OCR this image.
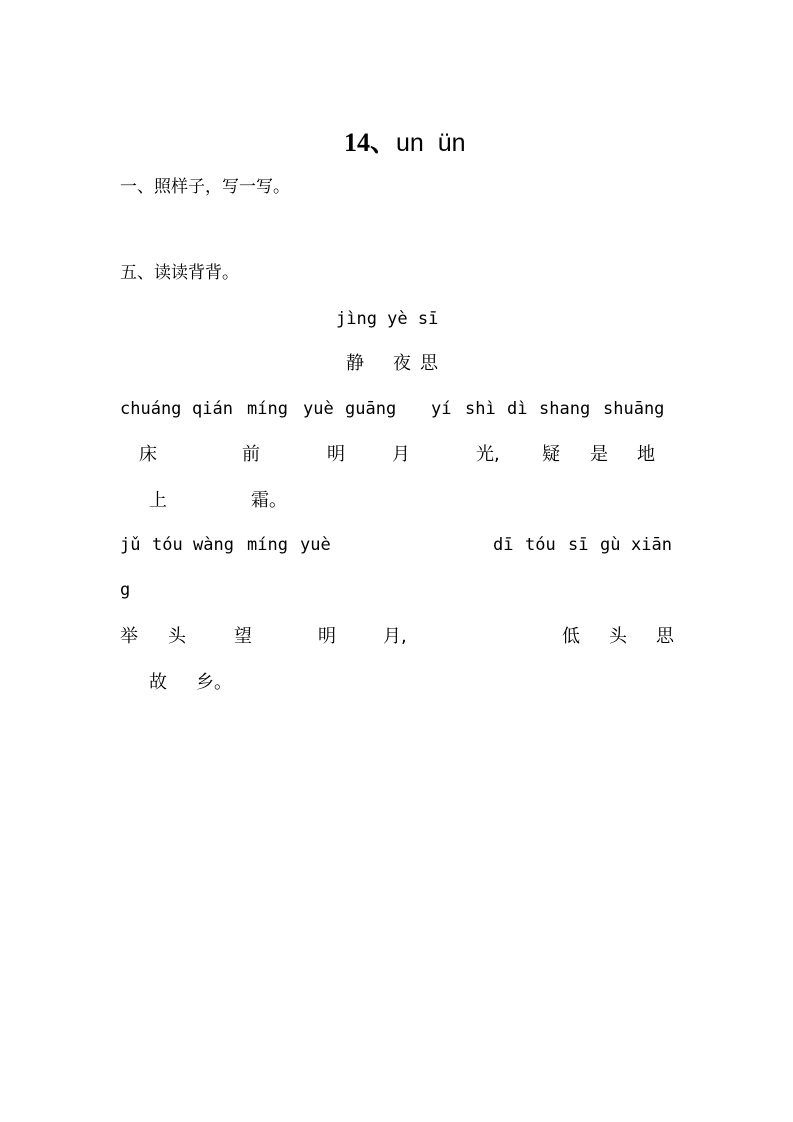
14、un  ün

一、照样子，写一写。
五、读读背背。
jìng yè sī
静 夜 思
chuáng qián míng yuè guāng yí shì dì shang shuāng
床	前	明	月	光, 疑 是 地
上	霜。
jǔ tóu wàng míng yuè	dī tóu sī gù xiān
g
举 头	望	明	月,	低 头 思
故 乡。
